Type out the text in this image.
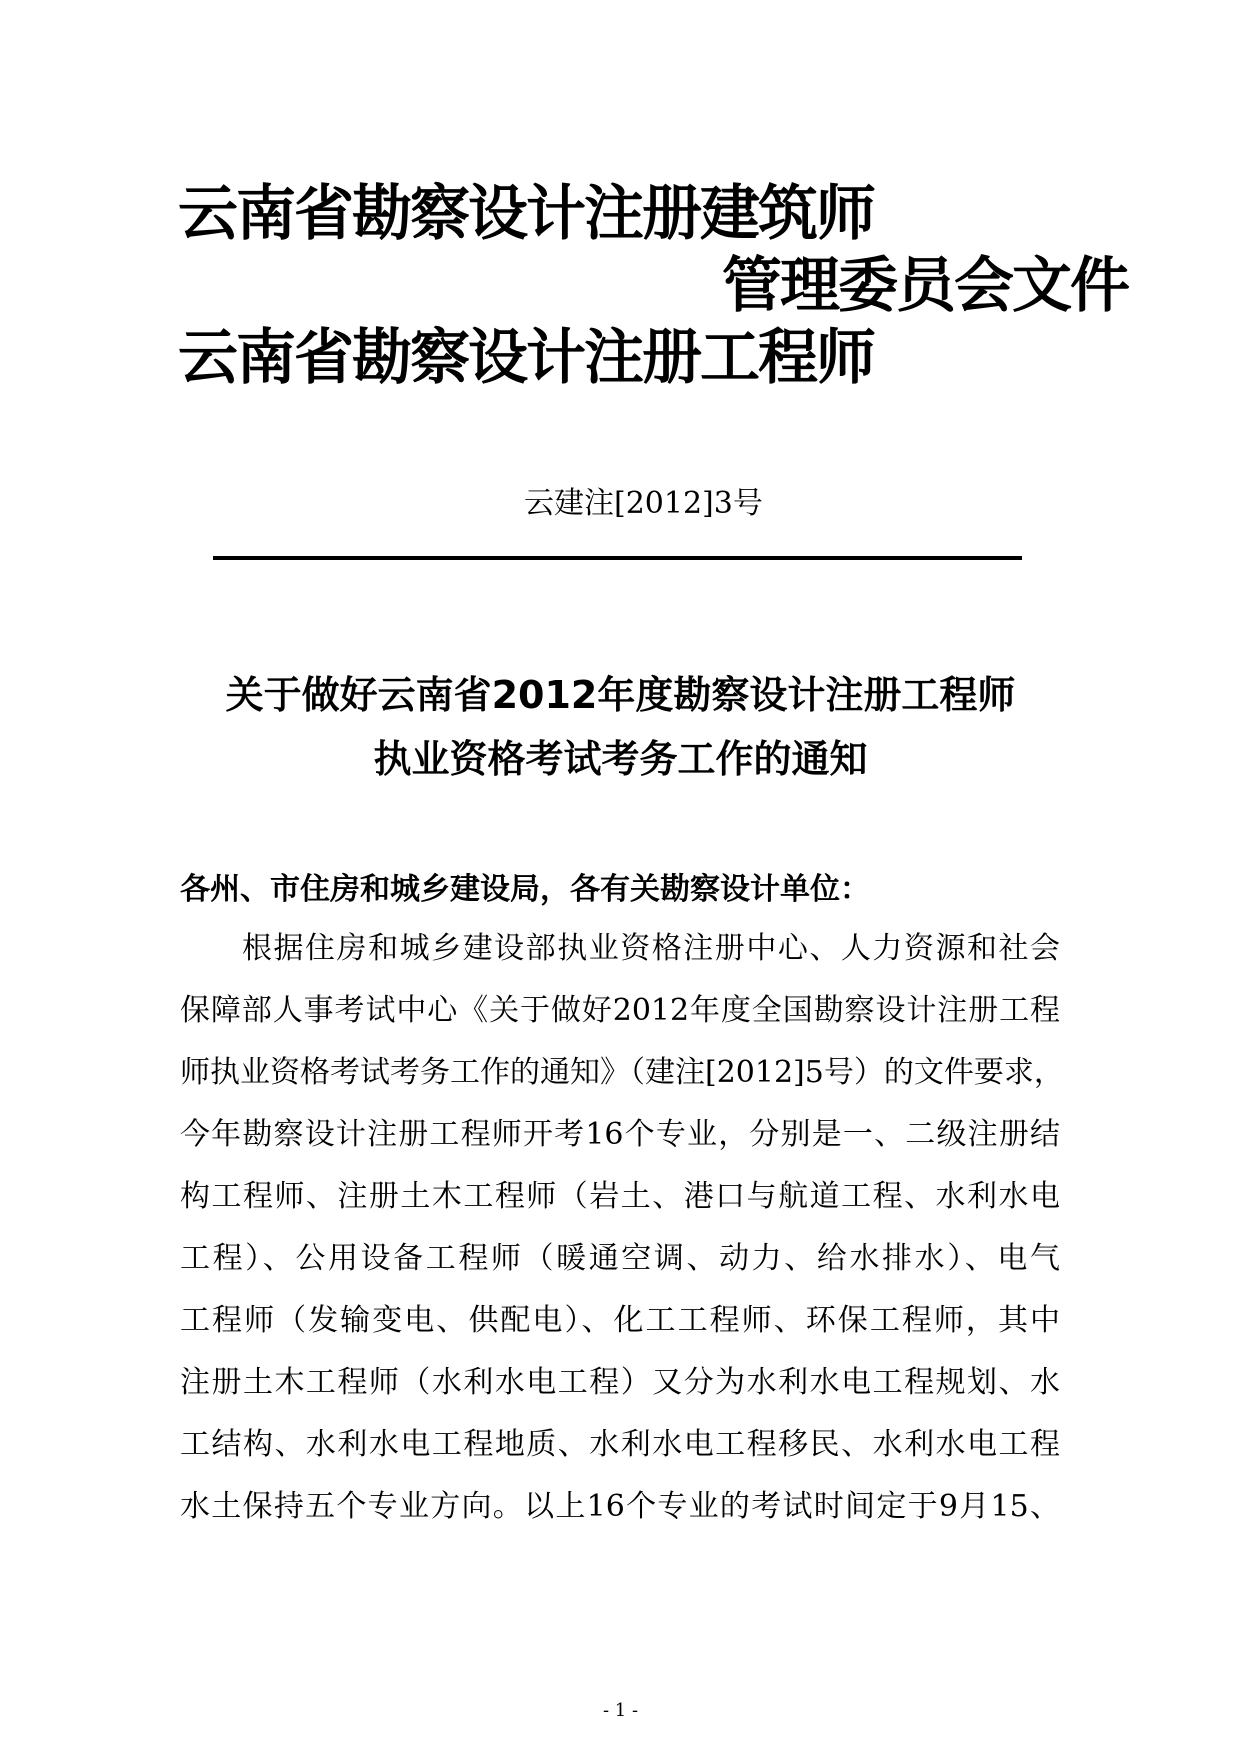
云南省勘察设计注册建筑师
云南省勘察设计注册工程师
管理委员会文件
云建注[2012]3号
关于做好云南省2012年度勘察设计注册工程师
执业资格考试考务工作的通知
各州、市住房和城乡建设局，各有关勘察设计单位：
根据住房和城乡建设部执业资格注册中心、人力资源和社会
保障部人事考试中心《关于做好2012年度全国勘察设计注册工程
师执业资格考试考务工作的通知》（建注[2012]5号）的文件要求，
今年勘察设计注册工程师开考16个专业，分别是一、二级注册结
构工程师、注册土木工程师（岩土、港口与航道工程、水利水电
工程）、公用设备工程师（暖通空调、动力、给水排水）、电气
工程师（发输变电、供配电）、化工工程师、环保工程师，其中
注册土木工程师（水利水电工程）又分为水利水电工程规划、水
工结构、水利水电工程地质、水利水电工程移民、水利水电工程
水土保持五个专业方向。以上16个专业的考试时间定于9月15、
- 1 -
